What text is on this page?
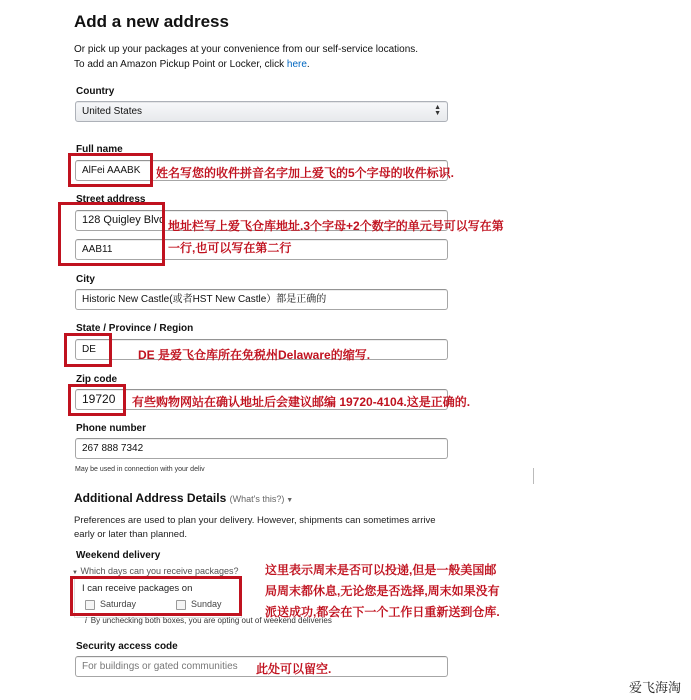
Add a new address
Or pick up your packages at your convenience from our self-service locations.
To add an Amazon Pickup Point or Locker, click here.
Country
United States	▲
▼
Full name
AlFei AAABK	姓名写您的收件拼音名字加上爱飞的5个字母的收件标识.
Street address
128 Quigley Blvd
AAB11
地址栏写上爱飞仓库地址.3个字母+2个数字的单元号可以写在第
一行,也可以写在第二行
City
Historic New Castle(或者HST New Castle）都是正确的
State / Province / Region
DE	DE 是爱飞仓库所在免税州Delaware的缩写.
Zip code
19720	有些购物网站在确认地址后会建议邮编 19720-4104.这是正确的.
Phone number
267 888 7342
May be used in connection with your deliv
Additional Address Details (What's this?) ▼
Preferences are used to plan your delivery. However, shipments can sometimes arrive
early or later than planned.
Weekend delivery
▼ Which days can you receive packages?
I can receive packages on
Saturday	Sunday
i By unchecking both boxes, you are opting out of weekend deliveries
这里表示周末是否可以投递,但是一般美国邮
局周末都休息,无论您是否选择,周末如果没有
派送成功,都会在下一个工作日重新送到仓库.
Security access code
For buildings or gated communities	此处可以留空.
爱飞海淘
